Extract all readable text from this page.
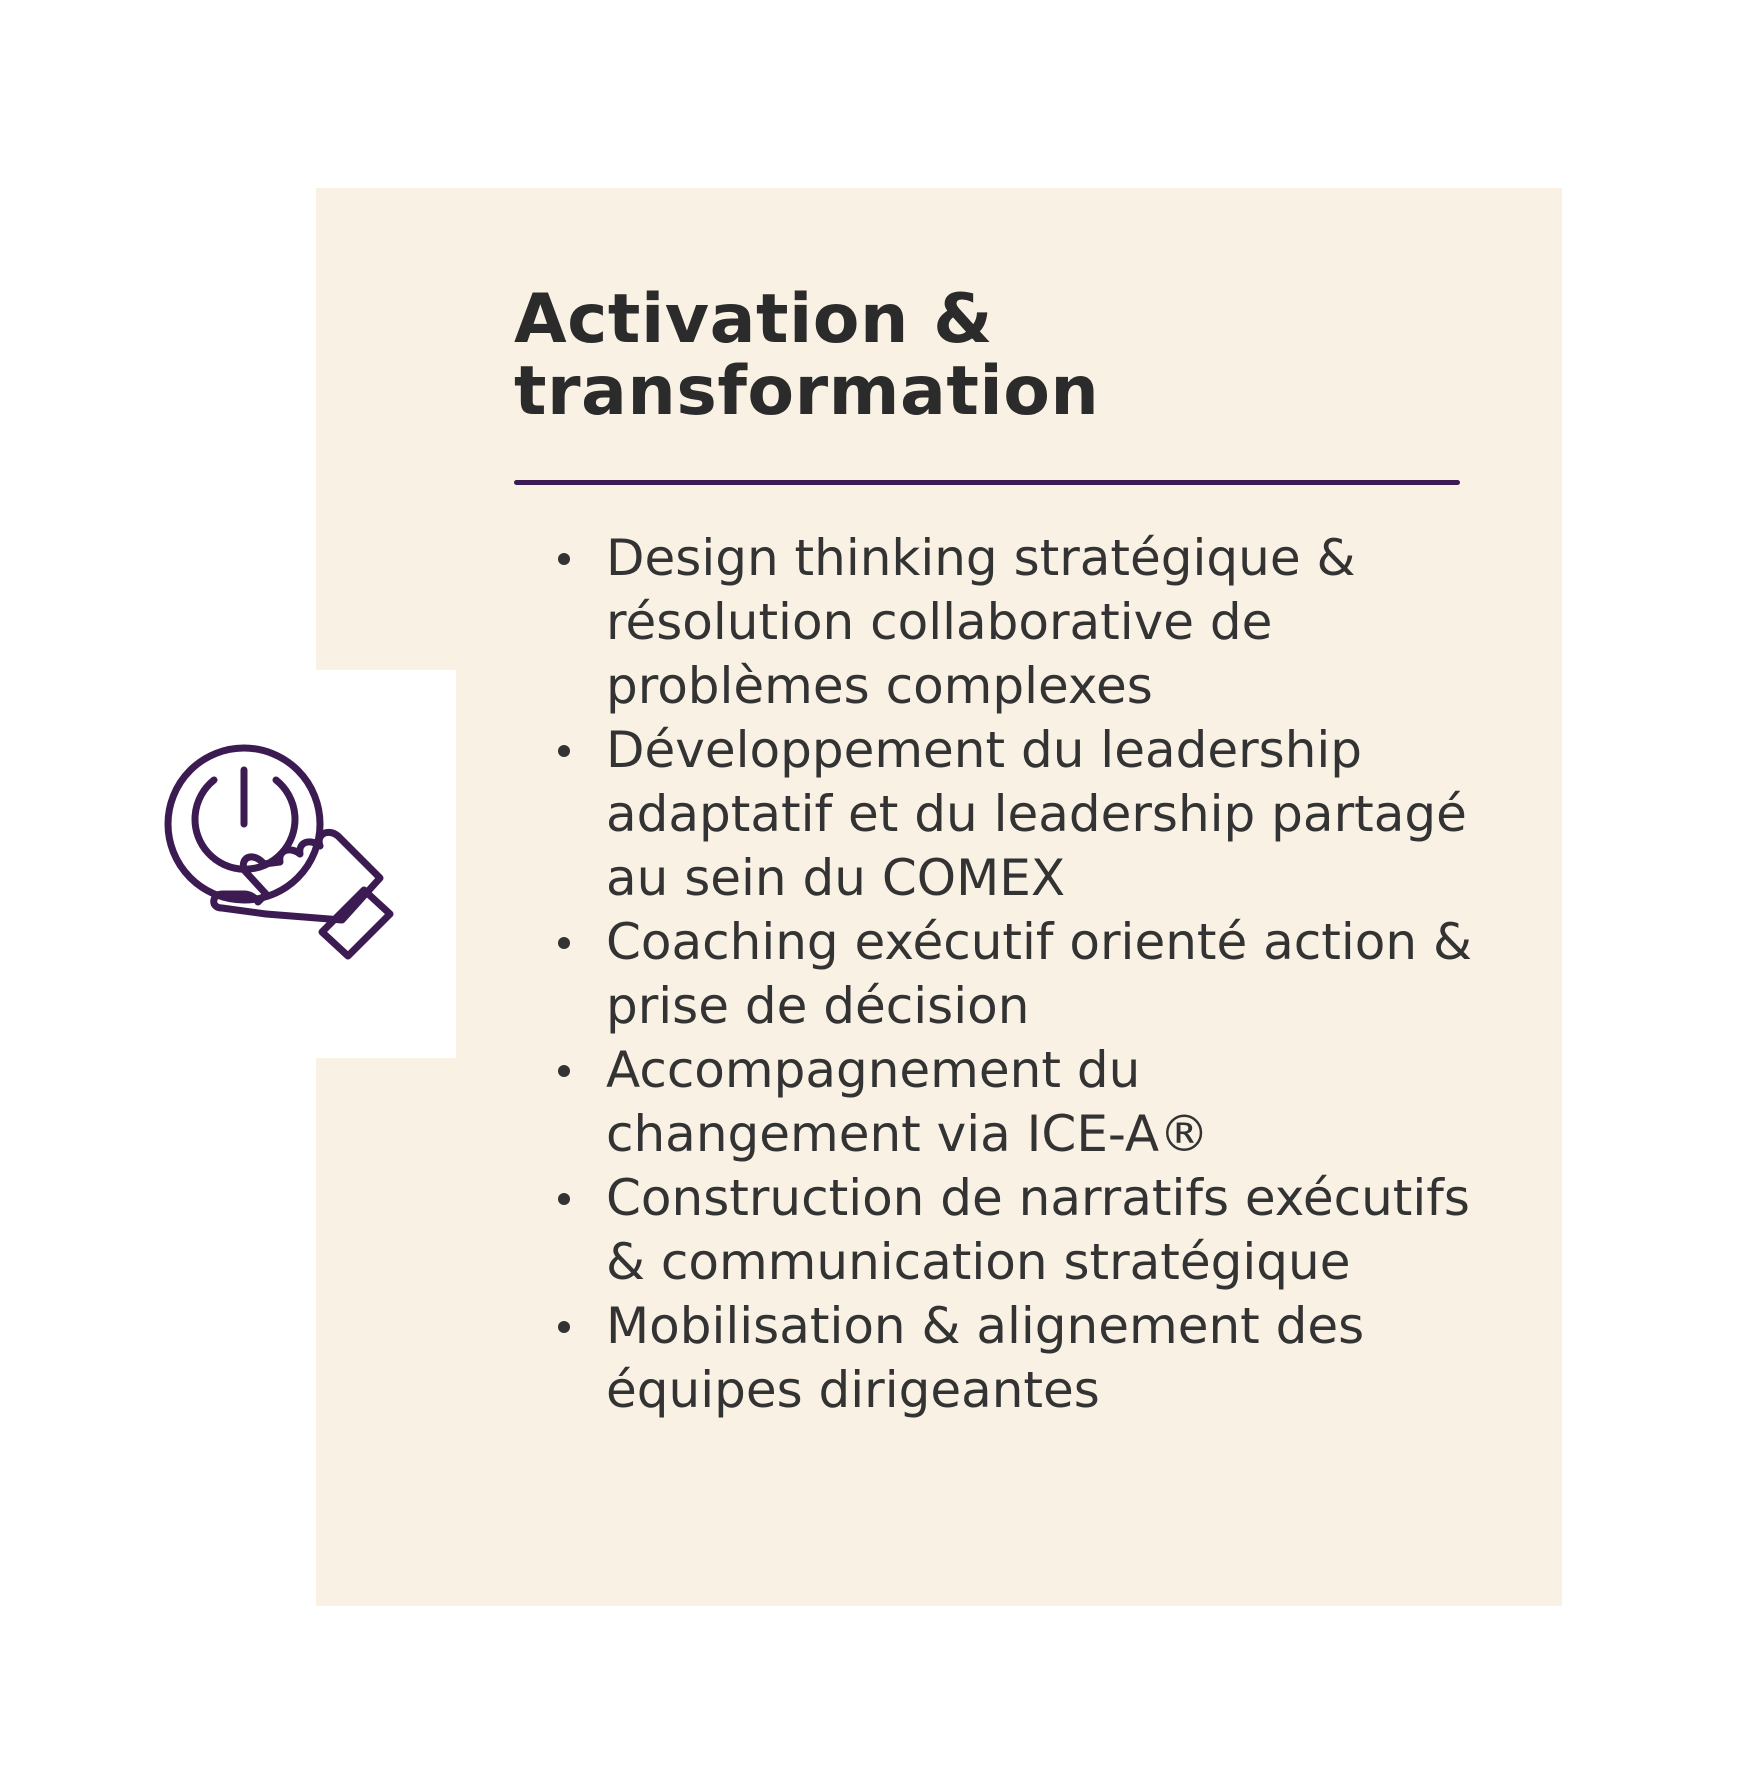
Activation &
transformation
Design thinking stratégique &
résolution collaborative de
problèmes complexes
Développement du leadership
adaptatif et du leadership partagé
au sein du COMEX
Coaching exécutif orienté action &
prise de décision
Accompagnement du
changement via ICE-A®
Construction de narratifs exécutifs
& communication stratégique
Mobilisation & alignement des
équipes dirigeantes
